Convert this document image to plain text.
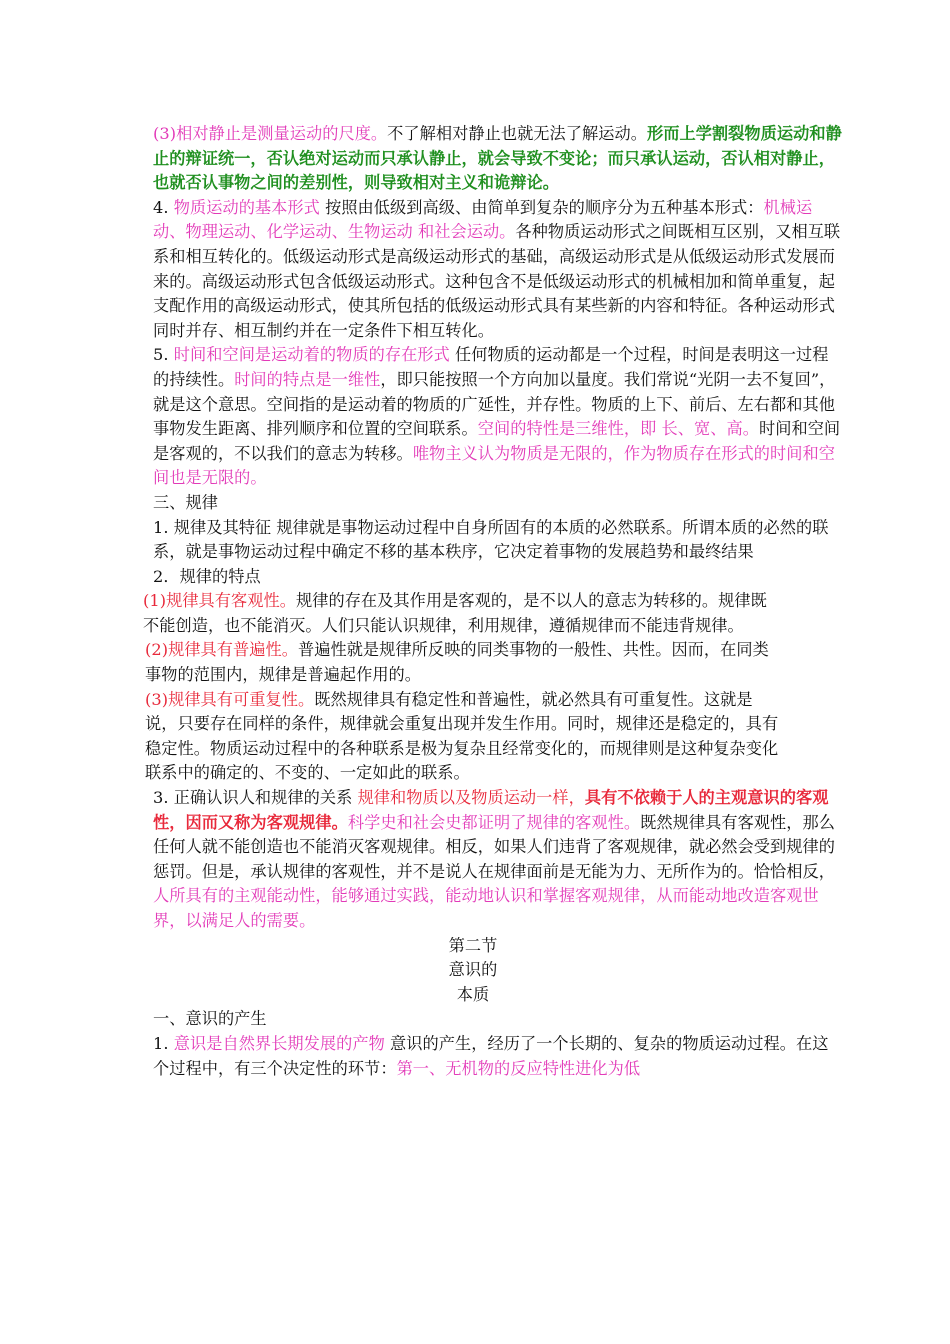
(3)相对静止是测量运动的尺度。不了解相对静止也就无法了解运动。形而上学割裂物质运动和静止的辩证统一，否认绝对运动而只承认静止，就会导致不变论；而只承认运动，否认相对静止，也就否认事物之间的差别性，则导致相对主义和诡辩论。

4. 物质运动的基本形式 按照由低级到高级、由简单到复杂的顺序分为五种基本形式：机械运动、物理运动、化学运动、生物运动 和社会运动。各种物质运动形式之间既相互区别，又相互联系和相互转化的。低级运动形式是高级运动形式的基础，高级运动形式是从低级运动形式发展而来的。高级运动形式包含低级运动形式。这种包含不是低级运动形式的机械相加和简单重复，起支配作用的高级运动形式，使其所包括的低级运动形式具有某些新的内容和特征。各种运动形式同时并存、相互制约并在一定条件下相互转化。

5. 时间和空间是运动着的物质的存在形式 任何物质的运动都是一个过程，时间是表明这一过程的持续性。时间的特点是一维性，即只能按照一个方向加以量度。我们常说“光阴一去不复回”，就是这个意思。空间指的是运动着的物质的广延性，并存性。物质的上下、前后、左右都和其他事物发生距离、排列顺序和位置的空间联系。空间的特性是三维性，即 长、宽、高。时间和空间是客观的，不以我们的意志为转移。唯物主义认为物质是无限的，作为物质存在形式的时间和空间也是无限的。

三、规律

1. 规律及其特征 规律就是事物运动过程中自身所固有的本质的必然联系。所谓本质的必然的联系，就是事物运动过程中确定不移的基本秩序，它决定着事物的发展趋势和最终结果

2．规律的特点

(1)规律具有客观性。规律的存在及其作用是客观的，是不以人的意志为转移的。规律既不能创造，也不能消灭。人们只能认识规律，利用规律，遵循规律而不能违背规律。

(2)规律具有普遍性。普遍性就是规律所反映的同类事物的一般性、共性。因而，在同类事物的范围内，规律是普遍起作用的。

(3)规律具有可重复性。既然规律具有稳定性和普遍性，就必然具有可重复性。这就是说，只要存在同样的条件，规律就会重复出现并发生作用。同时，规律还是稳定的，具有稳定性。物质运动过程中的各种联系是极为复杂且经常变化的，而规律则是这种复杂变化联系中的确定的、不变的、一定如此的联系。

3. 正确认识人和规律的关系 规律和物质以及物质运动一样，具有不依赖于人的主观意识的客观性，因而又称为客观规律。科学史和社会史都证明了规律的客观性。既然规律具有客观性，那么任何人就不能创造也不能消灭客观规律。相反，如果人们违背了客观规律，就必然会受到规律的惩罚。但是，承认规律的客观性，并不是说人在规律面前是无能为力、无所作为的。恰恰相反，人所具有的主观能动性，能够通过实践，能动地认识和掌握客观规律，从而能动地改造客观世界，以满足人的需要。

第二节
意识的
本质

一、意识的产生

1. 意识是自然界长期发展的产物 意识的产生，经历了一个长期的、复杂的物质运动过程。在这个过程中，有三个决定性的环节：第一、无机物的反应特性进化为低
